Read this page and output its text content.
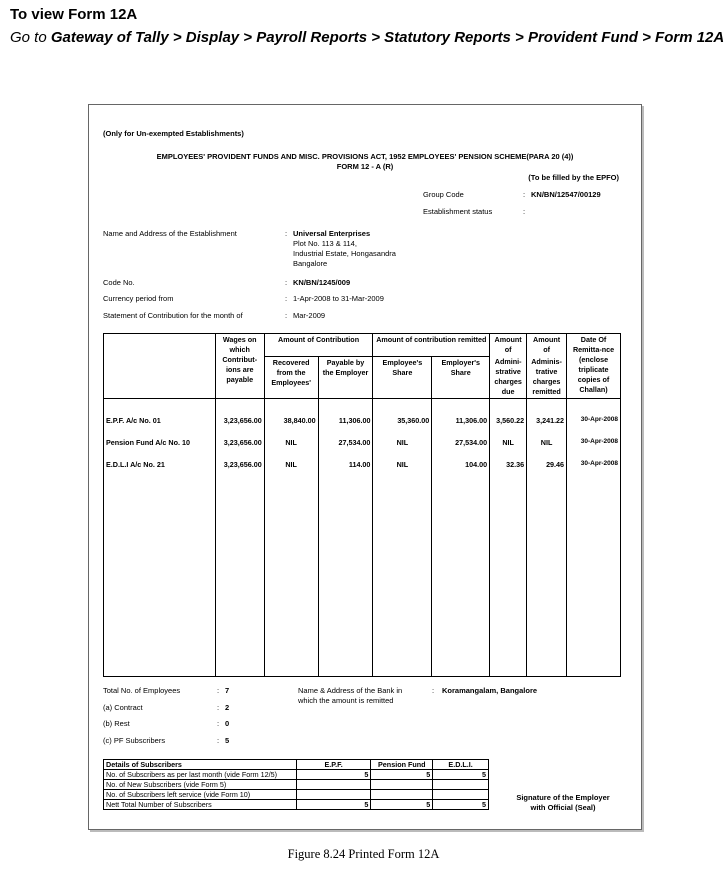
To view Form 12A
Go to Gateway of Tally > Display > Payroll Reports > Statutory Reports > Provident Fund > Form 12A
(Only for Un-exempted Establishments)
EMPLOYEES' PROVIDENT FUNDS AND MISC. PROVISIONS ACT, 1952 EMPLOYEES' PENSION SCHEME(PARA 20 (4))
FORM 12 - A (R)
(To be filled by the EPFO)
Group Code	: KN/BN/12547/00129
Establishment status	:
Name and Address of the Establishment	: Universal Enterprises
Plot No. 113 & 114,
Industrial Estate, Hongasandra
Bangalore
Code No.	: KN/BN/1245/009
Currency period from	: 1-Apr-2008 to 31-Mar-2009
Statement of Contribution for the month of	: Mar-2009
	Wages on which Contribut-ions are payable	Amount of Contribution		Amount of contribution remitted		Amount of	Amount of	Date Of Remitta-nce (enclose triplicate copies of Challan)
		Recovered from the Employees'	Payable by the Employer	Employee's Share	Employer's Share	Admini-strative charges due	Adminis-trative charges remitted	

E.P.F. A/c No. 01	3,23,656.00	38,840.00	11,306.00	35,360.00	11,306.00	3,560.22	3,241.22	30-Apr-2008
Pension Fund A/c No. 10	3,23,656.00	NIL	27,534.00	NIL	27,534.00	NIL	NIL	30-Apr-2008
E.D.L.I A/c No. 21	3,23,656.00	NIL	114.00	NIL	104.00	32.36	29.46	30-Apr-2008

Total No. of Employees	: 7
(a) Contract	: 2
(b) Rest	: 0
(c) PF Subscribers	: 5
Name & Address of the Bank in
which the amount is remitted
: Koramangalam, Bangalore
Details of Subscribers	E.P.F.	Pension Fund	E.D.L.I.
No. of Subscribers as per last month (vide Form 12/5)	5	5	5
No. of New Subscribers (vide Form 5)			
No. of Subscribers left service (vide Form 10)			
Nett Total Number of Subscribers	5	5	5
Signature of the Employer
with Official (Seal)
Figure 8.24 Printed Form 12A
